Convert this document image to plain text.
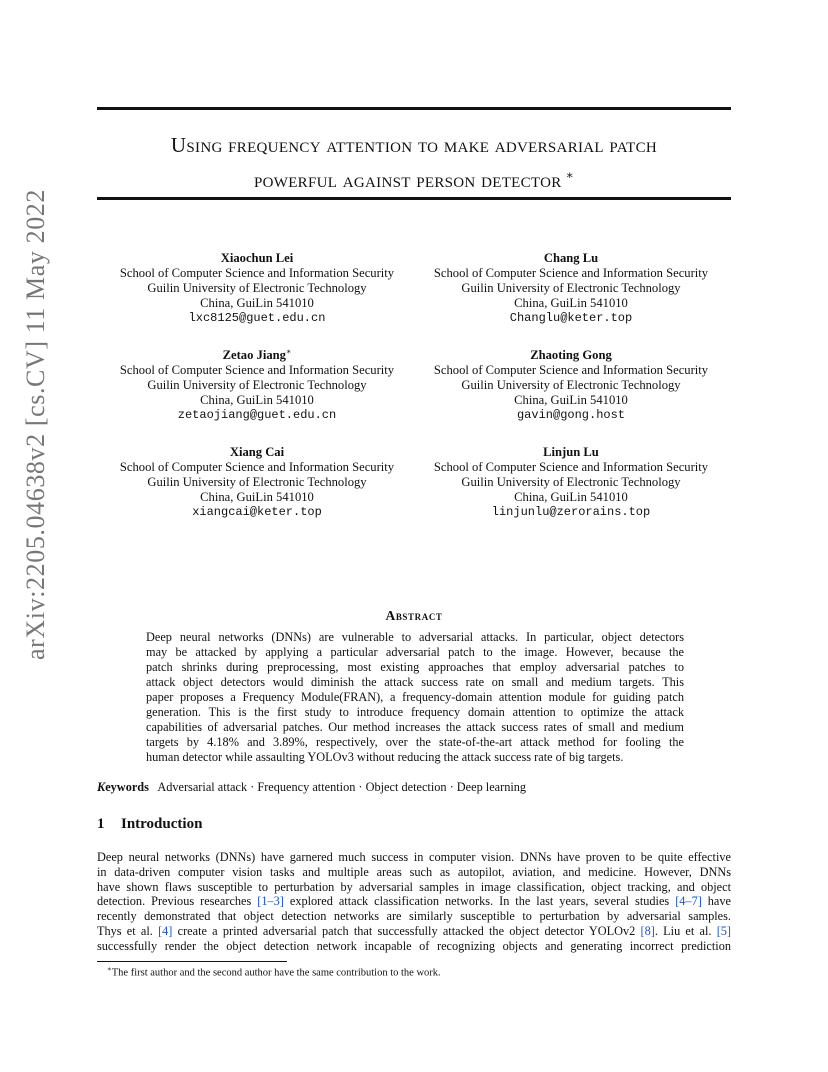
arXiv:2205.04638v2 [cs.CV] 11 May 2022
Using frequency attention to make adversarial patch
powerful against person detector ∗
Xiaochun Lei
School of Computer Science and Information Security
Guilin University of Electronic Technology
China, GuiLin 541010
lxc8125@guet.edu.cn
Chang Lu
School of Computer Science and Information Security
Guilin University of Electronic Technology
China, GuiLin 541010
Changlu@keter.top
Zetao Jiang∗
School of Computer Science and Information Security
Guilin University of Electronic Technology
China, GuiLin 541010
zetaojiang@guet.edu.cn
Zhaoting Gong
School of Computer Science and Information Security
Guilin University of Electronic Technology
China, GuiLin 541010
gavin@gong.host
Xiang Cai
School of Computer Science and Information Security
Guilin University of Electronic Technology
China, GuiLin 541010
xiangcai@keter.top
Linjun Lu
School of Computer Science and Information Security
Guilin University of Electronic Technology
China, GuiLin 541010
linjunlu@zerorains.top
Abstract
Deep neural networks (DNNs) are vulnerable to adversarial attacks. In particular, object detectors
may be attacked by applying a particular adversarial patch to the image. However, because the
patch shrinks during preprocessing, most existing approaches that employ adversarial patches to
attack object detectors would diminish the attack success rate on small and medium targets. This
paper proposes a Frequency Module(FRAN), a frequency-domain attention module for guiding patch
generation. This is the first study to introduce frequency domain attention to optimize the attack
capabilities of adversarial patches. Our method increases the attack success rates of small and medium
targets by 4.18% and 3.89%, respectively, over the state-of-the-art attack method for fooling the
human detector while assaulting YOLOv3 without reducing the attack success rate of big targets.
Keywords Adversarial attack · Frequency attention · Object detection · Deep learning
1 Introduction
Deep neural networks (DNNs) have garnered much success in computer vision. DNNs have proven to be quite effective
in data-driven computer vision tasks and multiple areas such as autopilot, aviation, and medicine. However, DNNs
have shown flaws susceptible to perturbation by adversarial samples in image classification, object tracking, and object
detection. Previous researches [1–3] explored attack classification networks. In the last years, several studies [4–7] have
recently demonstrated that object detection networks are similarly susceptible to perturbation by adversarial samples.
Thys et al. [4] create a printed adversarial patch that successfully attacked the object detector YOLOv2 [8]. Liu et al. [5]
successfully render the object detection network incapable of recognizing objects and generating incorrect prediction
∗The first author and the second author have the same contribution to the work.
